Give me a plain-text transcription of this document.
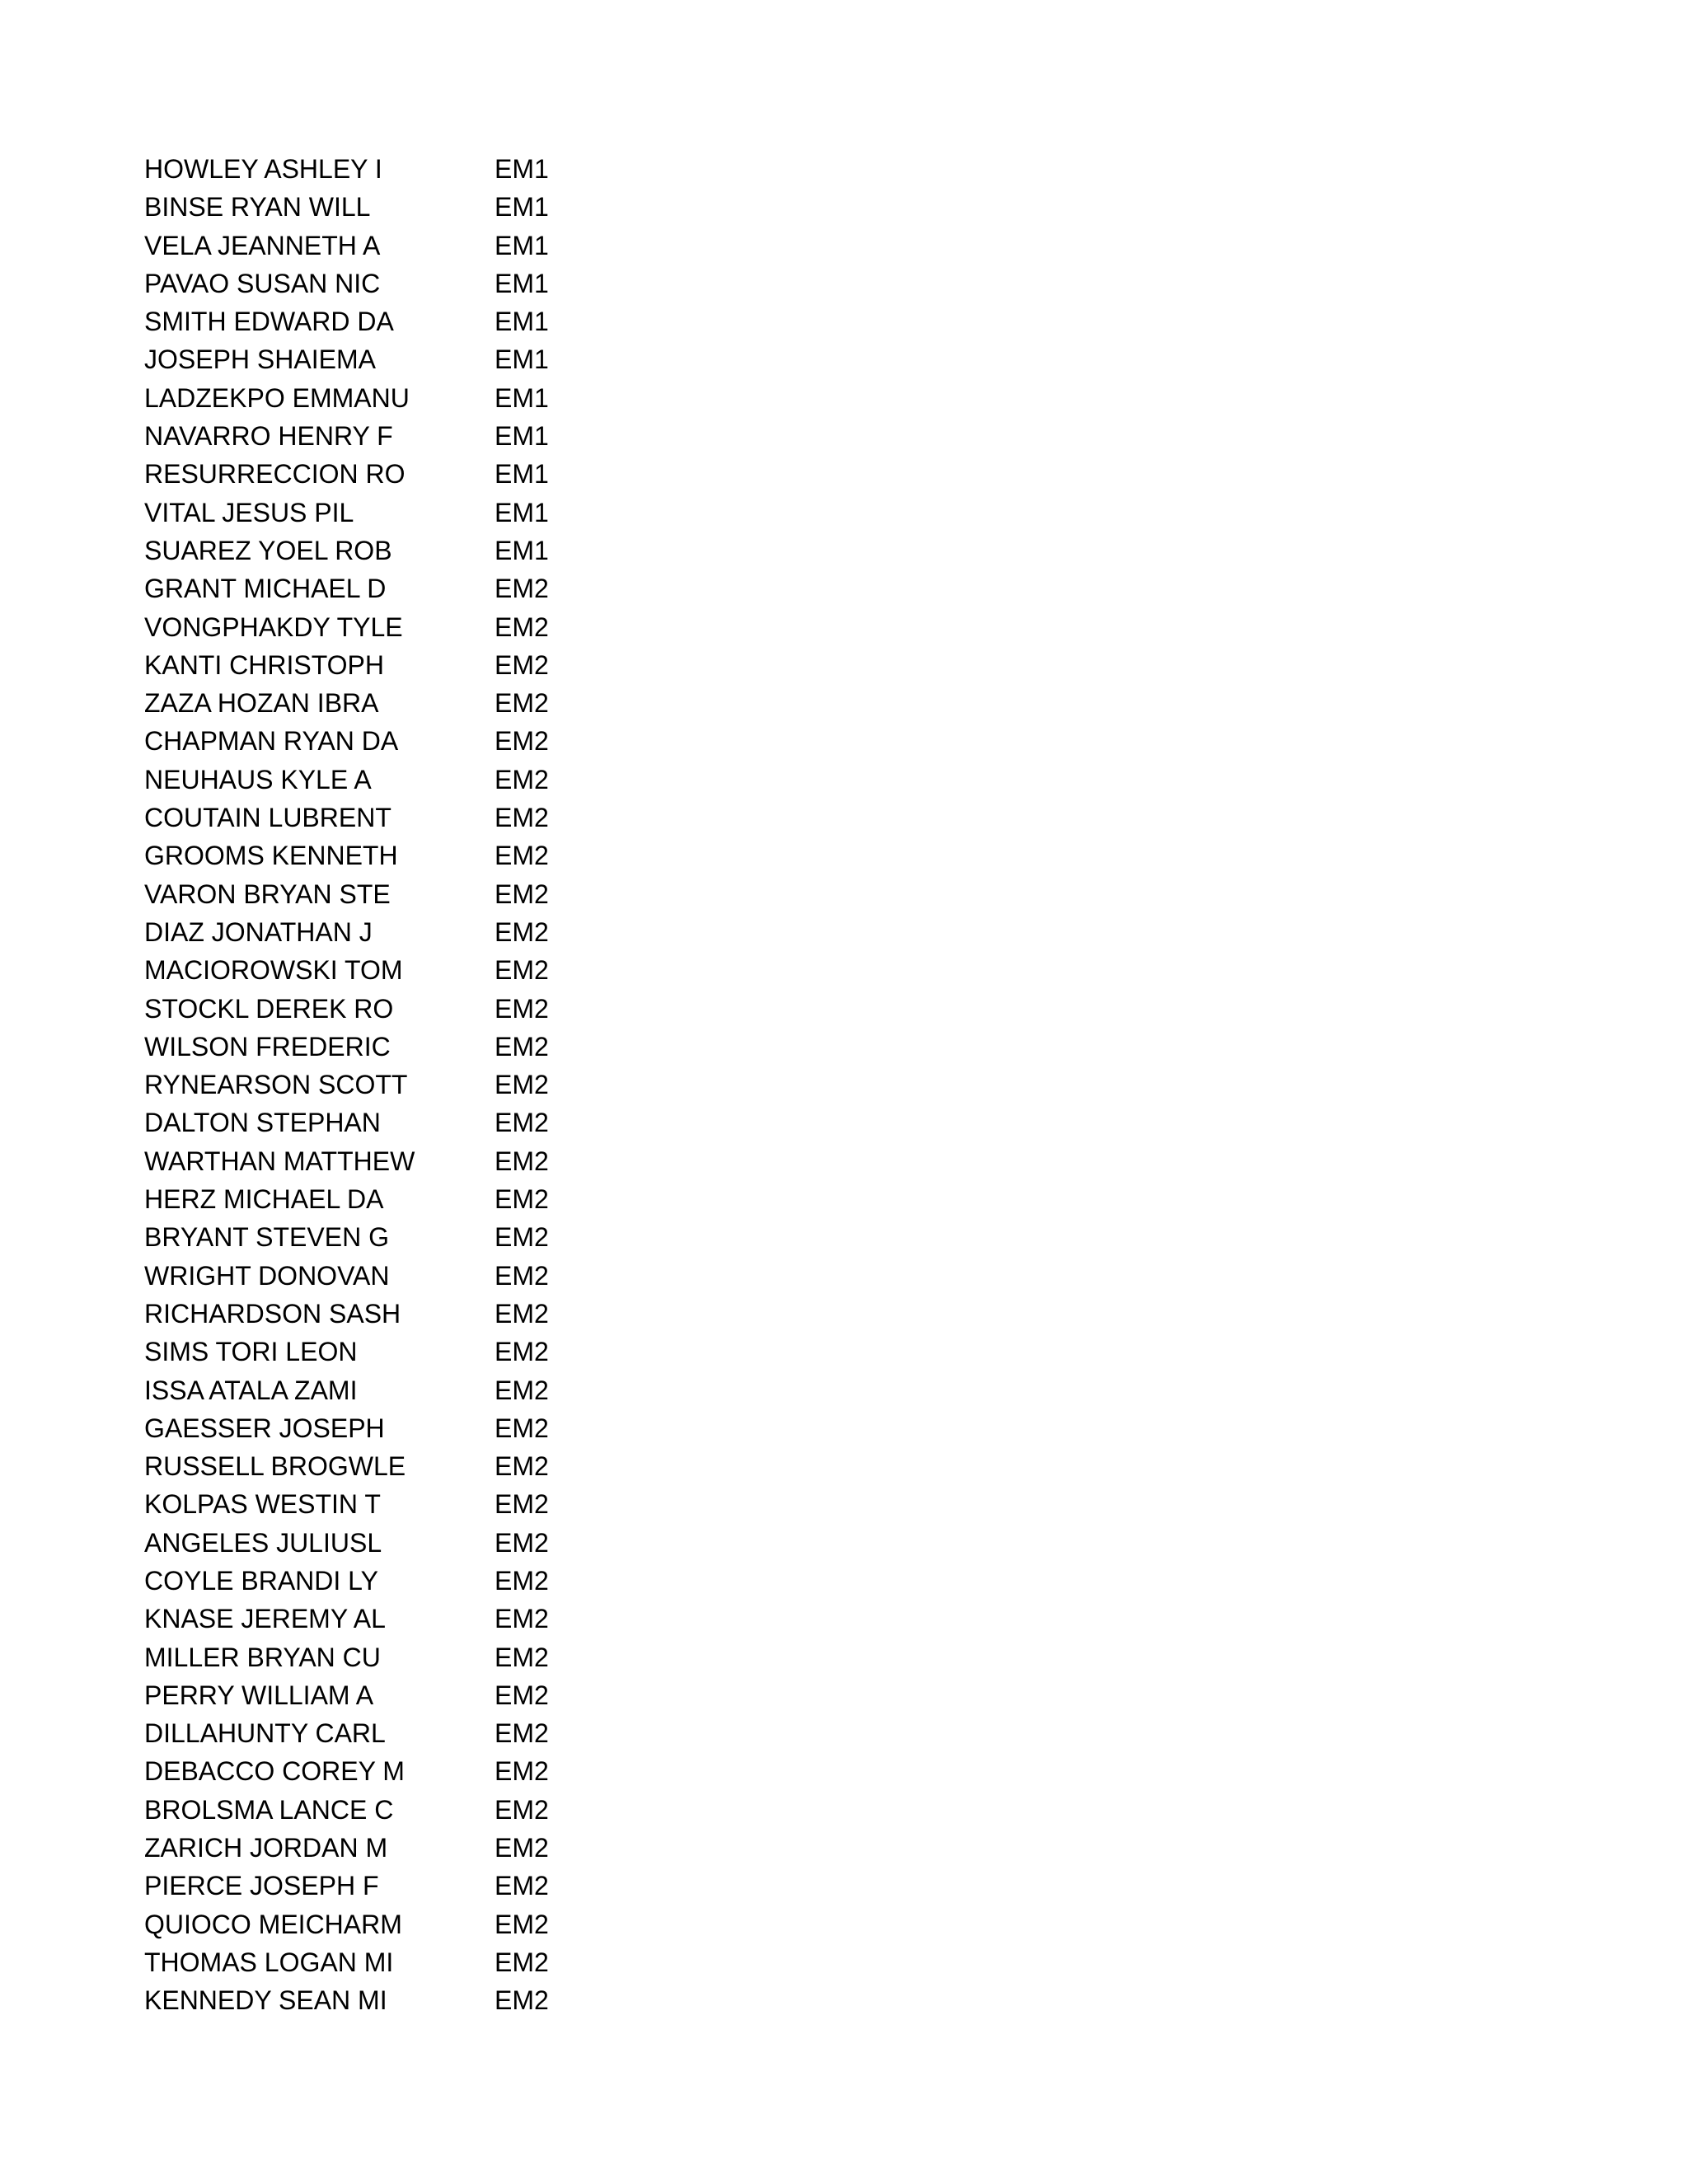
HOWLEY ASHLEY I	EM1
BINSE RYAN WILL	EM1
VELA JEANNETH A	EM1
PAVAO SUSAN NIC	EM1
SMITH EDWARD DA	EM1
JOSEPH SHAIEMA	EM1
LADZEKPO EMMANU	EM1
NAVARRO HENRY F	EM1
RESURRECCION RO	EM1
VITAL JESUS PIL	EM1
SUAREZ YOEL ROB	EM1
GRANT MICHAEL D	EM2
VONGPHAKDY TYLE	EM2
KANTI CHRISTOPH	EM2
ZAZA HOZAN IBRA	EM2
CHAPMAN RYAN DA	EM2
NEUHAUS KYLE A	EM2
COUTAIN LUBRENT	EM2
GROOMS KENNETH	EM2
VARON BRYAN STE	EM2
DIAZ JONATHAN J	EM2
MACIOROWSKI TOM	EM2
STOCKL DEREK RO	EM2
WILSON FREDERIC	EM2
RYNEARSON SCOTT	EM2
DALTON STEPHAN	EM2
WARTHAN MATTHEW	EM2
HERZ MICHAEL DA	EM2
BRYANT STEVEN G	EM2
WRIGHT DONOVAN	EM2
RICHARDSON SASH	EM2
SIMS TORI LEON	EM2
ISSA ATALA ZAMI	EM2
GAESSER JOSEPH	EM2
RUSSELL BROGWLE	EM2
KOLPAS WESTIN T	EM2
ANGELES JULIUSL	EM2
COYLE BRANDI LY	EM2
KNASE JEREMY AL	EM2
MILLER BRYAN CU	EM2
PERRY WILLIAM A	EM2
DILLAHUNTY CARL	EM2
DEBACCO COREY M	EM2
BROLSMA LANCE C	EM2
ZARICH JORDAN M	EM2
PIERCE JOSEPH F	EM2
QUIOCO MEICHARM	EM2
THOMAS LOGAN MI	EM2
KENNEDY SEAN MI	EM2
